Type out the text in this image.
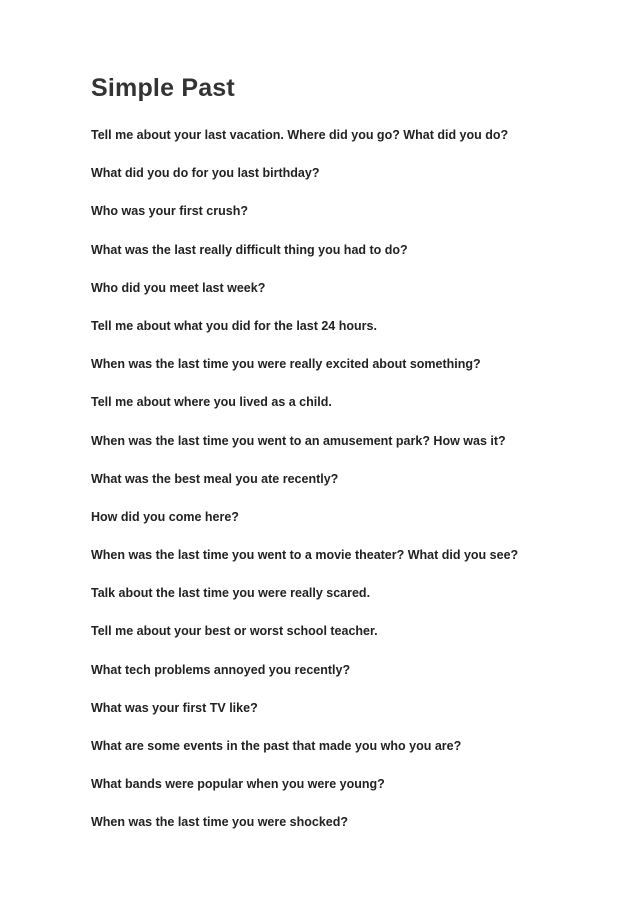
Simple Past
Tell me about your last vacation. Where did you go? What did you do?
What did you do for you last birthday?
Who was your first crush?
What was the last really difficult thing you had to do?
Who did you meet last week?
Tell me about what you did for the last 24 hours.
When was the last time you were really excited about something?
Tell me about where you lived as a child.
When was the last time you went to an amusement park? How was it?
What was the best meal you ate recently?
How did you come here?
When was the last time you went to a movie theater? What did you see?
Talk about the last time you were really scared.
Tell me about your best or worst school teacher.
What tech problems annoyed you recently?
What was your first TV like?
What are some events in the past that made you who you are?
What bands were popular when you were young?
When was the last time you were shocked?
